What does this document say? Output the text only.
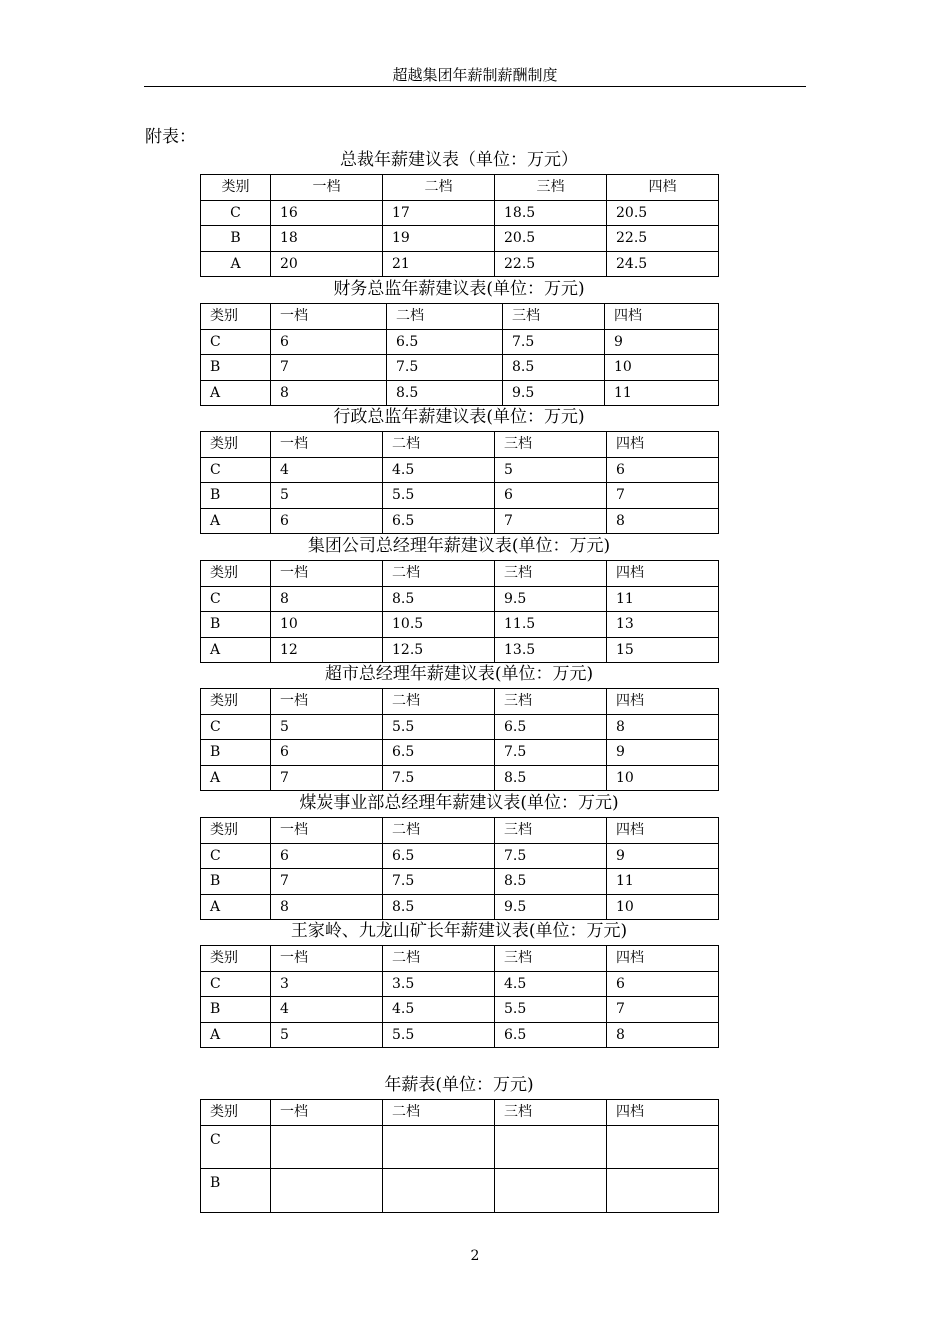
超越集团年薪制薪酬制度
附表：
总裁年薪建议表（单位：万元）
类别	一档	二档	三档	四档
C	16	17	18.5	20.5
B	18	19	20.5	22.5
A	20	21	22.5	24.5
财务总监年薪建议表(单位：万元)
类别	一档	二档	三档	四档
C	6	6.5	7.5	9
B	7	7.5	8.5	10
A	8	8.5	9.5	11
行政总监年薪建议表(单位：万元)
类别	一档	二档	三档	四档
C	4	4.5	5	6
B	5	5.5	6	7
A	6	6.5	7	8
集团公司总经理年薪建议表(单位：万元)
类别	一档	二档	三档	四档
C	8	8.5	9.5	11
B	10	10.5	11.5	13
A	12	12.5	13.5	15
超市总经理年薪建议表(单位：万元)
类别	一档	二档	三档	四档
C	5	5.5	6.5	8
B	6	6.5	7.5	9
A	7	7.5	8.5	10
煤炭事业部总经理年薪建议表(单位：万元)
类别	一档	二档	三档	四档
C	6	6.5	7.5	9
B	7	7.5	8.5	11
A	8	8.5	9.5	10
王家岭、九龙山矿长年薪建议表(单位：万元)
类别	一档	二档	三档	四档
C	3	3.5	4.5	6
B	4	4.5	5.5	7
A	5	5.5	6.5	8
年薪表(单位：万元)
类别	一档	二档	三档	四档
C				
B				
2
